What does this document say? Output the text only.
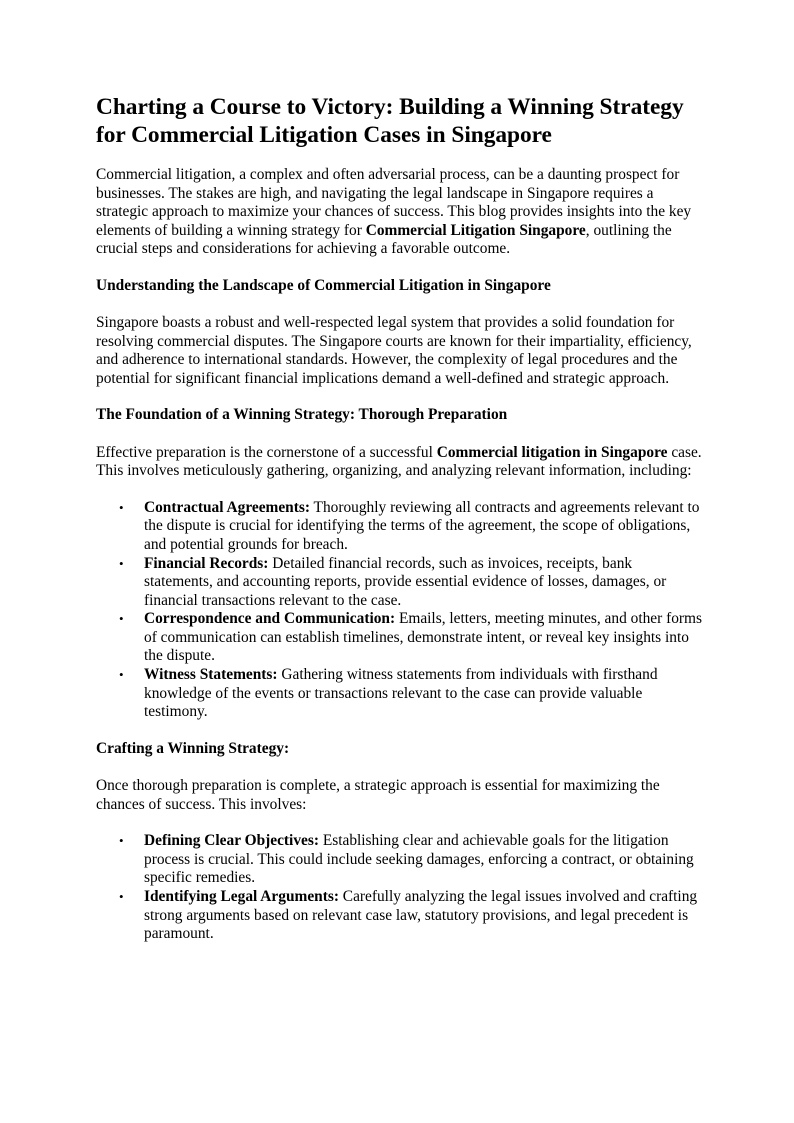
Charting a Course to Victory: Building a Winning Strategy for Commercial Litigation Cases in Singapore

Commercial litigation, a complex and often adversarial process, can be a daunting prospect for businesses. The stakes are high, and navigating the legal landscape in Singapore requires a strategic approach to maximize your chances of success. This blog provides insights into the key elements of building a winning strategy for Commercial Litigation Singapore, outlining the crucial steps and considerations for achieving a favorable outcome.

Understanding the Landscape of Commercial Litigation in Singapore

Singapore boasts a robust and well-respected legal system that provides a solid foundation for resolving commercial disputes. The Singapore courts are known for their impartiality, efficiency, and adherence to international standards. However, the complexity of legal procedures and the potential for significant financial implications demand a well-defined and strategic approach.

The Foundation of a Winning Strategy: Thorough Preparation

Effective preparation is the cornerstone of a successful Commercial litigation in Singapore case. This involves meticulously gathering, organizing, and analyzing relevant information, including:

• Contractual Agreements: Thoroughly reviewing all contracts and agreements relevant to the dispute is crucial for identifying the terms of the agreement, the scope of obligations, and potential grounds for breach.
• Financial Records: Detailed financial records, such as invoices, receipts, bank statements, and accounting reports, provide essential evidence of losses, damages, or financial transactions relevant to the case.
• Correspondence and Communication: Emails, letters, meeting minutes, and other forms of communication can establish timelines, demonstrate intent, or reveal key insights into the dispute.
• Witness Statements: Gathering witness statements from individuals with firsthand knowledge of the events or transactions relevant to the case can provide valuable testimony.
Crafting a Winning Strategy:

Once thorough preparation is complete, a strategic approach is essential for maximizing the chances of success. This involves:

• Defining Clear Objectives: Establishing clear and achievable goals for the litigation process is crucial. This could include seeking damages, enforcing a contract, or obtaining specific remedies.
• Identifying Legal Arguments: Carefully analyzing the legal issues involved and crafting strong arguments based on relevant case law, statutory provisions, and legal precedent is paramount.
